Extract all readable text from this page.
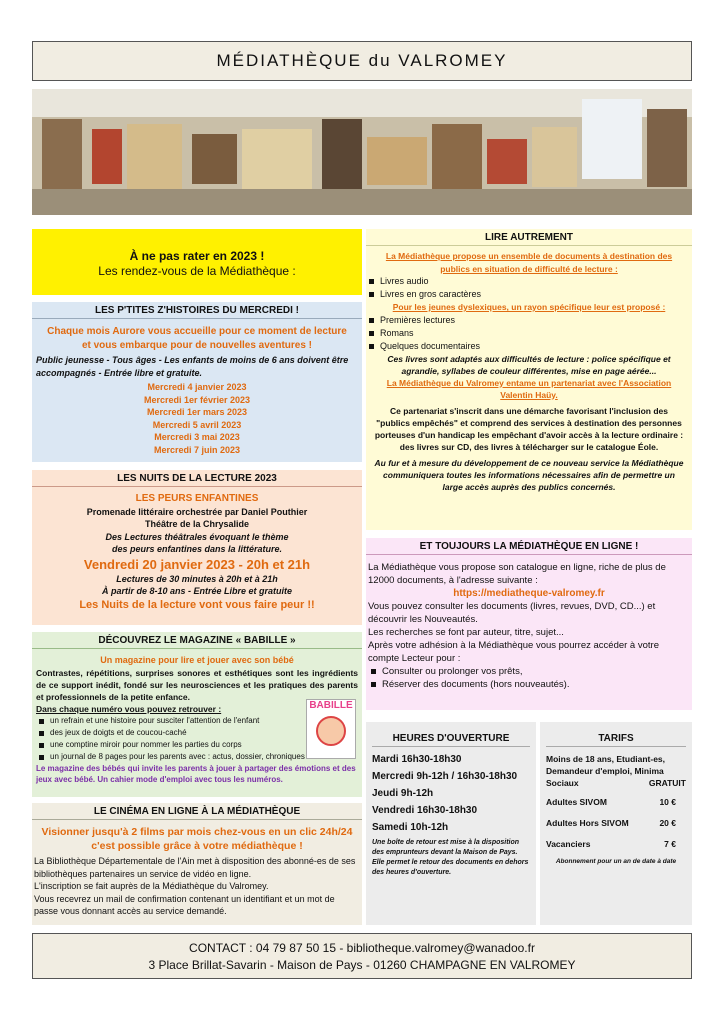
MÉDIATHÈQUE du VALROMEY
À ne pas rater en 2023 !
Les rendez-vous de la Médiathèque :
LES P'TITES Z'HISTOIRES DU MERCREDI !
Chaque mois Aurore vous accueille pour ce moment de lecture
et vous embarque pour de nouvelles aventures !
Public jeunesse - Tous âges - Les enfants de moins de 6 ans doivent être accompagnés - Entrée libre et gratuite.
Mercredi 4 janvier 2023
Mercredi 1er février 2023
Mercredi 1er mars 2023
Mercredi 5 avril 2023
Mercredi 3 mai 2023
Mercredi 7 juin 2023
LES NUITS DE LA LECTURE 2023
LES PEURS ENFANTINES
Promenade littéraire orchestrée par Daniel Pouthier
Théâtre de la Chrysalide
Des Lectures théâtrales évoquant le thème
des peurs enfantines dans la littérature.
Vendredi 20 janvier 2023 - 20h et 21h
Lectures de 30 minutes à 20h et à 21h
À partir de 8-10 ans - Entrée Libre et gratuite
Les Nuits de la lecture vont vous faire peur !!
DÉCOUVREZ LE MAGAZINE « BABILLE »
Un magazine pour lire et jouer avec son bébé
Contrastes, répétitions, surprises sonores et esthétiques sont les ingrédients de ce support inédit, fondé sur les neurosciences et les pratiques des parents et professionnels de la petite enfance.
Dans chaque numéro vous pouvez retrouver :
un refrain et une histoire pour susciter l'attention de l'enfant
des jeux de doigts et de coucou-caché
une comptine miroir pour nommer les parties du corps
un journal de 8 pages pour les parents avec : actus, dossier, chroniques
BABILLE
Le magazine des bébés qui invite les parents à jouer à partager des émotions et des jeux avec bébé. Un cahier mode d'emploi avec tous les numéros.
LE CINÉMA EN LIGNE À LA MÉDIATHÈQUE
Visionner jusqu'à 2 films par mois chez-vous en un clic 24h/24
c'est possible grâce à votre médiathèque !
La Bibliothèque Départementale de l'Ain met à disposition des abonné-es de ses bibliothèques partenaires un service de vidéo en ligne.
L'inscription se fait auprès de la Médiathèque du Valromey.
Vous recevrez un mail de confirmation contenant un identifiant et un mot de passe vous donnant accès au service demandé.
LIRE AUTREMENT
La Médiathèque propose un ensemble de documents à destination des publics en situation de difficulté de lecture :
Livres audio
Livres en gros caractères
Pour les jeunes dyslexiques, un rayon spécifique leur est proposé :
Premières lectures
Romans
Quelques documentaires
Ces livres sont adaptés aux difficultés de lecture : police spécifique et agrandie, syllabes de couleur différentes, mise en page aérée...
La Médiathèque du Valromey entame un partenariat avec l'Association Valentin Haüy.
Ce partenariat s'inscrit dans une démarche favorisant l'inclusion des "publics empêchés" et comprend des services à destination des personnes porteuses d'un handicap les empêchant d'avoir accès à la lecture ordinaire : des livres sur CD, des livres à télécharger sur le catalogue Éole.
Au fur et à mesure du développement de ce nouveau service la Médiathèque communiquera toutes les informations nécessaires afin de permettre un large accès auprès des publics concernés.
ET TOUJOURS LA MÉDIATHÈQUE EN LIGNE !
La Médiathèque vous propose son catalogue en ligne, riche de plus de 12000 documents, à l'adresse suivante :
https://mediatheque-valromey.fr
Vous pouvez consulter les documents (livres, revues, DVD, CD...) et découvrir les Nouveautés.
Les recherches se font par auteur, titre, sujet...
Après votre adhésion à la Médiathèque vous pourrez accéder à votre compte Lecteur pour :
Consulter ou prolonger vos prêts,
Réserver des documents (hors nouveautés).
HEURES D'OUVERTURE
Mardi 16h30-18h30
Mercredi 9h-12h / 16h30-18h30
Jeudi 9h-12h
Vendredi 16h30-18h30
Samedi 10h-12h
Une boîte de retour est mise à la disposition des emprunteurs devant la Maison de Pays. Elle permet le retour des documents en dehors des heures d'ouverture.
TARIFS
Moins de 18 ans, Etudiant-es, Demandeur d'emploi, Minima Sociaux	GRATUIT
Adultes SIVOM	10 €
Adultes Hors SIVOM	20 €
Vacanciers	7 €
Abonnement pour un an de date à date
CONTACT : 04 79 87 50 15 - bibliotheque.valromey@wanadoo.fr
3 Place Brillat-Savarin - Maison de Pays - 01260 CHAMPAGNE EN VALROMEY
